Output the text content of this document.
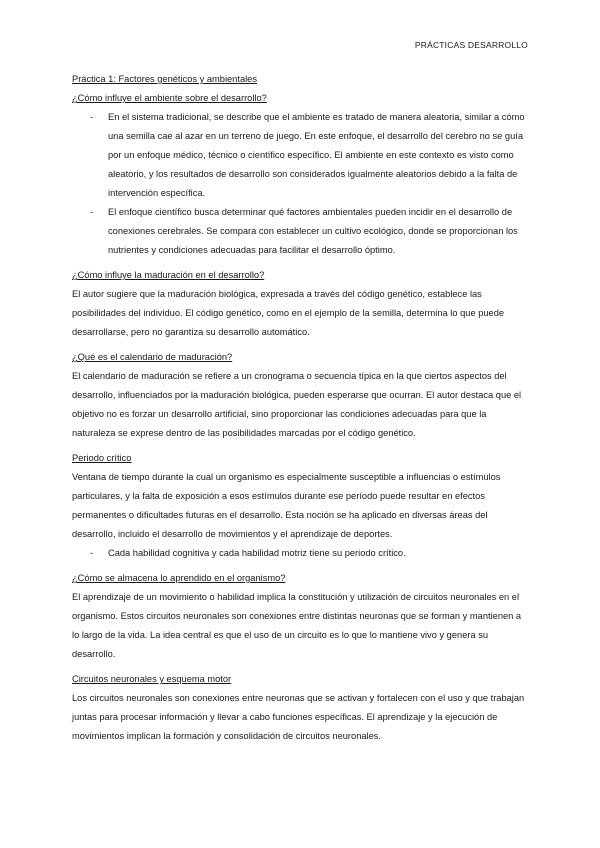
PRÁCTICAS DESARROLLO

Práctica 1: Factores genéticos y ambientales

¿Cómo influye el ambiente sobre el desarrollo?

- En el sistema tradicional, se describe que el ambiente es tratado de manera aleatoria, similar a cómo una semilla cae al azar en un terreno de juego. En este enfoque, el desarrollo del cerebro no se guía por un enfoque médico, técnico o científico específico. El ambiente en este contexto es visto como aleatorio, y los resultados de desarrollo son considerados igualmente aleatorios debido a la falta de intervención específica.
- El enfoque científico busca determinar qué factores ambientales pueden incidir en el desarrollo de conexiones cerebrales. Se compara con establecer un cultivo ecológico, donde se proporcionan los nutrientes y condiciones adecuadas para facilitar el desarrollo óptimo.

¿Cómo influye la maduración en el desarrollo?

El autor sugiere que la maduración biológica, expresada a través del código genético, establece las posibilidades del individuo. El código genético, como en el ejemplo de la semilla, determina lo que puede desarrollarse, pero no garantiza su desarrollo automático.

¿Qué es el calendario de maduración?

El calendario de maduración se refiere a un cronograma o secuencia típica en la que ciertos aspectos del desarrollo, influenciados por la maduración biológica, pueden esperarse que ocurran. El autor destaca que el objetivo no es forzar un desarrollo artificial, sino proporcionar las condiciones adecuadas para que la naturaleza se exprese dentro de las posibilidades marcadas por el código genético.

Periodo crítico

Ventana de tiempo durante la cual un organismo es especialmente susceptible a influencias o estímulos particulares, y la falta de exposición a esos estímulos durante ese período puede resultar en efectos permanentes o dificultades futuras en el desarrollo. Esta noción se ha aplicado en diversas áreas del desarrollo, incluido el desarrollo de movimientos y el aprendizaje de deportes.

- Cada habilidad cognitiva y cada habilidad motriz tiene su periodo crítico.

¿Cómo se almacena lo aprendido en el organismo?

El aprendizaje de un movimiento o habilidad implica la constitución y utilización de circuitos neuronales en el organismo. Estos circuitos neuronales son conexiones entre distintas neuronas que se forman y mantienen a lo largo de la vida. La idea central es que el uso de un circuito es lo que lo mantiene vivo y genera su desarrollo.

Circuitos neuronales y esquema motor

Los circuitos neuronales son conexiones entre neuronas que se activan y fortalecen con el uso y que trabajan juntas para procesar información y llevar a cabo funciones específicas. El aprendizaje y la ejecución de movimientos implican la formación y consolidación de circuitos neuronales.
